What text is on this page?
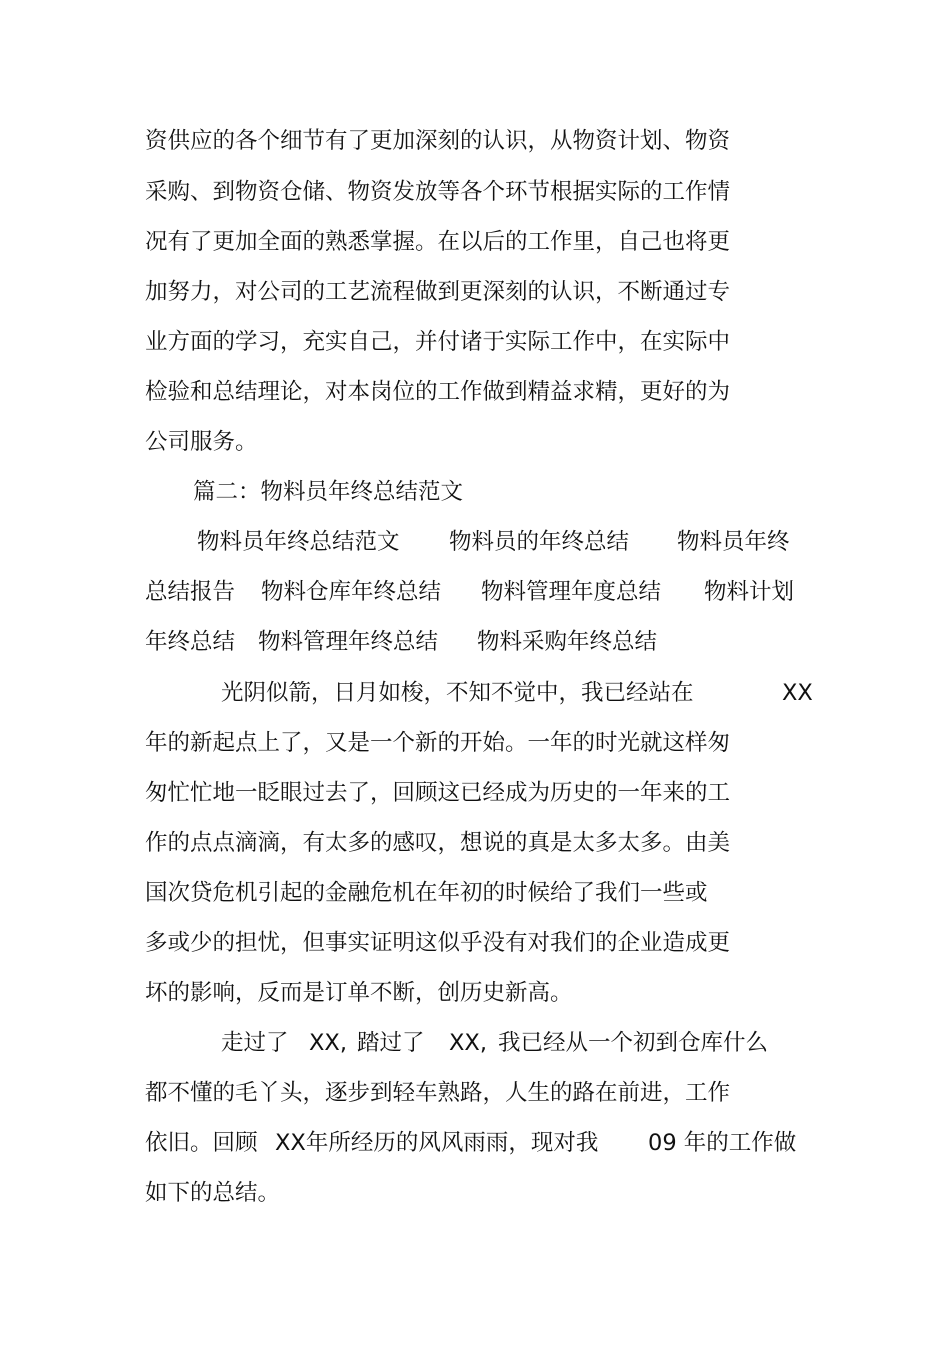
资供应的各个细节有了更加深刻的认识，从物资计划、物资

采购、到物资仓储、物资发放等各个环节根据实际的工作情

况有了更加全面的熟悉掌握。在以后的工作里，自己也将更

加努力，对公司的工艺流程做到更深刻的认识，不断通过专

业方面的学习，充实自己，并付诸于实际工作中，在实际中

检验和总结理论，对本岗位的工作做到精益求精，更好的为

公司服务。

篇二：物料员年终总结范文

物料员年终总结范文 物料员的年终总结 物料员年终
总结报告 物料仓库年终总结 物料管理年度总结 物料计划
年终总结 物料管理年终总结 物料采购年终总结
光阴似箭，日月如梭，不知不觉中，我已经站在	XX

年的新起点上了，又是一个新的开始。一年的时光就这样匆

匆忙忙地一眨眼过去了，回顾这已经成为历史的一年来的工

作的点点滴滴，有太多的感叹，想说的真是太多太多。由美

国次贷危机引起的金融危机在年初的时候给了我们一些或

多或少的担忧，但事实证明这似乎没有对我们的企业造成更

坏的影响，反而是订单不断，创历史新高。

走过了 XX, 踏过了 XX, 我已经从一个初到仓库什么

都不懂的毛丫头，逐步到轻车熟路，人生的路在前进，工作

依旧。回顾 XX年所经历的风风雨雨，现对我 09 年的工作做

如下的总结。
